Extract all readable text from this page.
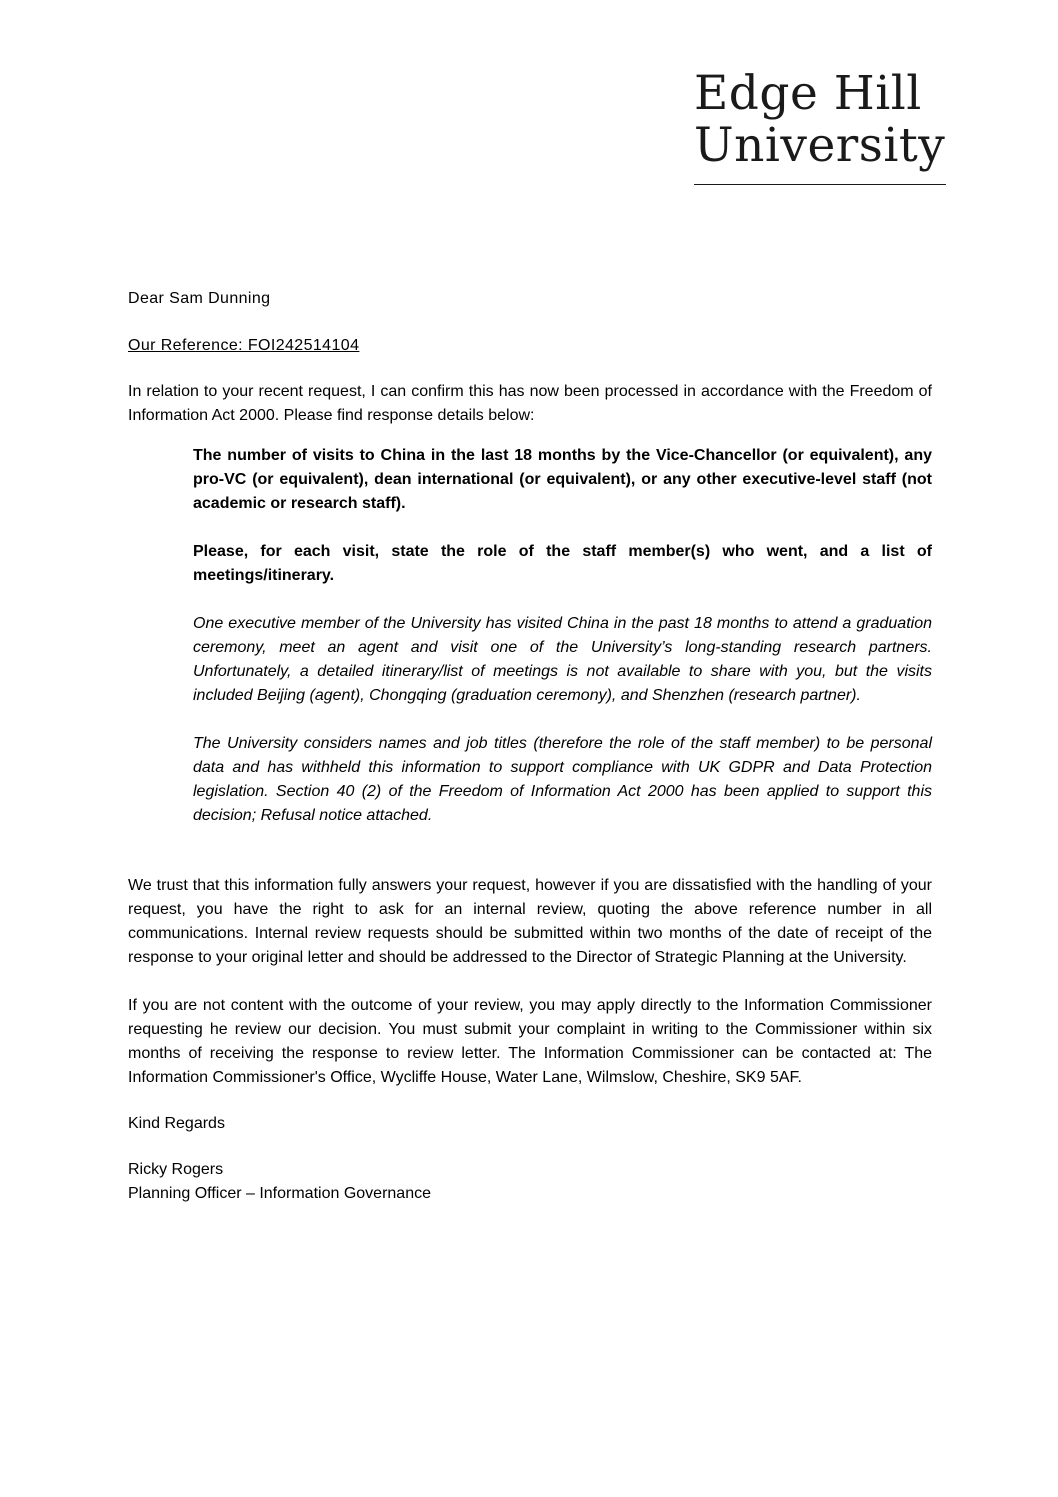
Edge Hill
University

Dear Sam Dunning

Our Reference: FOI242514104

In relation to your recent request, I can confirm this has now been processed in accordance with the Freedom of Information Act 2000. Please find response details below:

The number of visits to China in the last 18 months by the Vice-Chancellor (or equivalent), any pro-VC (or equivalent), dean international (or equivalent), or any other executive-level staff (not academic or research staff).

Please, for each visit, state the role of the staff member(s) who went, and a list of meetings/itinerary.

One executive member of the University has visited China in the past 18 months to attend a graduation ceremony, meet an agent and visit one of the University’s long-standing research partners. Unfortunately, a detailed itinerary/list of meetings is not available to share with you, but the visits included Beijing (agent), Chongqing (graduation ceremony), and Shenzhen (research partner).

The University considers names and job titles (therefore the role of the staff member) to be personal data and has withheld this information to support compliance with UK GDPR and Data Protection legislation. Section 40 (2) of the Freedom of Information Act 2000 has been applied to support this decision; Refusal notice attached.

We trust that this information fully answers your request, however if you are dissatisfied with the handling of your request, you have the right to ask for an internal review, quoting the above reference number in all communications. Internal review requests should be submitted within two months of the date of receipt of the response to your original letter and should be addressed to the Director of Strategic Planning at the University.

If you are not content with the outcome of your review, you may apply directly to the Information Commissioner requesting he review our decision. You must submit your complaint in writing to the Commissioner within six months of receiving the response to review letter. The Information Commissioner can be contacted at: The Information Commissioner's Office, Wycliffe House, Water Lane, Wilmslow, Cheshire, SK9 5AF.

Kind Regards

Ricky Rogers
Planning Officer – Information Governance
